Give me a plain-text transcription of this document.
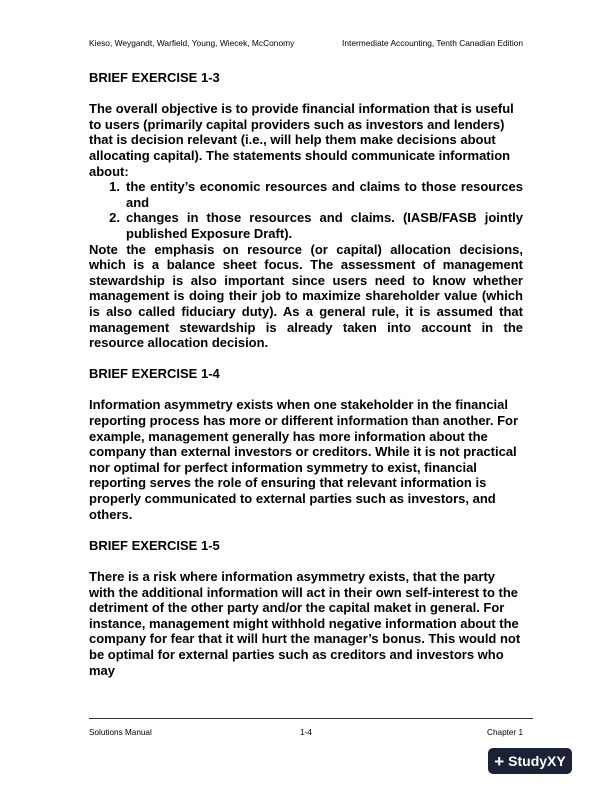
Kieso, Weygandt, Warfield, Young, Wiecek, McConomy	Intermediate Accounting, Tenth Canadian Edition

BRIEF EXERCISE 1-3

The overall objective is to provide financial information that is useful to users (primarily capital providers such as investors and lenders) that is decision relevant (i.e., will help them make decisions about allocating capital). The statements should communicate information about:

1. the entity’s economic resources and claims to those resources and
2. changes in those resources and claims. (IASB/FASB jointly published Exposure Draft).

Note the emphasis on resource (or capital) allocation decisions, which is a balance sheet focus. The assessment of management stewardship is also important since users need to know whether management is doing their job to maximize shareholder value (which is also called fiduciary duty). As a general rule, it is assumed that management stewardship is already taken into account in the resource allocation decision.

BRIEF EXERCISE 1-4

Information asymmetry exists when one stakeholder in the financial reporting process has more or different information than another. For example, management generally has more information about the company than external investors or creditors. While it is not practical nor optimal for perfect information symmetry to exist, financial reporting serves the role of ensuring that relevant information is properly communicated to external parties such as investors, and others.

BRIEF EXERCISE 1-5

There is a risk where information asymmetry exists, that the party with the additional information will act in their own self-interest to the detriment of the other party and/or the capital maket in general. For instance, management might withhold negative information about the company for fear that it will hurt the manager’s bonus. This would not be optimal for external parties such as creditors and investors who may

Solutions Manual	1-4	Chapter 1
+ StudyXY
